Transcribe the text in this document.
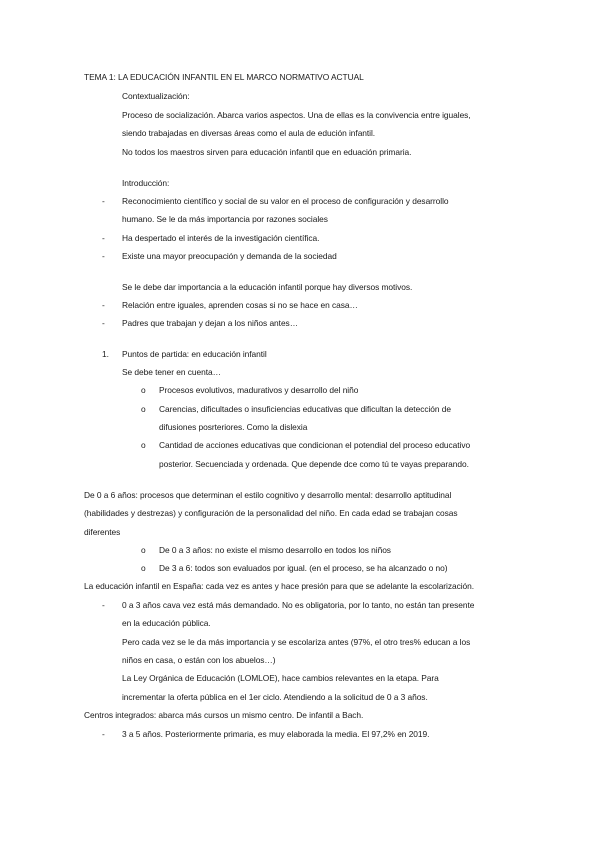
TEMA 1: LA EDUCACIÓN INFANTIL EN EL MARCO NORMATIVO ACTUAL
Contextualización:
Proceso de socialización. Abarca varios aspectos. Una de ellas es la convivencia entre iguales,
siendo trabajadas en diversas áreas como el aula de edución infantil.
No todos los maestros sirven para educación infantil que en eduación primaria.
Introducción:
- Reconocimiento científico y social de su valor en el proceso de configuración y desarrollo
humano. Se le da más importancia por razones sociales
- Ha despertado el interés de la investigación científica.
- Existe una mayor preocupación y demanda de la sociedad
Se le debe dar importancia a la educación infantil porque hay diversos motivos.
- Relación entre iguales, aprenden cosas si no se hace en casa…
- Padres que trabajan y dejan a los niños antes…
1. Puntos de partida: en educación infantil
Se debe tener en cuenta…
o Procesos evolutivos, madurativos y desarrollo del niño
o Carencias, dificultades o insuficiencias educativas que dificultan la detección de
difusiones posrteriores. Como la dislexia
o Cantidad de acciones educativas que condicionan el potendial del proceso educativo
posterior. Secuenciada y ordenada. Que depende dce como tú te vayas preparando.
De 0 a 6 años: procesos que determinan el estilo cognitivo y desarrollo mental: desarrollo aptitudinal
(habilidades y destrezas) y configuración de la personalidad del niño. En cada edad se trabajan cosas
diferentes
o De 0 a 3 años: no existe el mismo desarrollo en todos los niños
o De 3 a 6: todos son evaluados por igual. (en el proceso, se ha alcanzado o no)
La educación infantil en España: cada vez es antes y hace presión para que se adelante la escolarización.
- 0 a 3 años cava vez está más demandado. No es obligatoria, por lo tanto, no están tan presente
en la educación pública.
Pero cada vez se le da más importancia y se escolariza antes (97%, el otro tres% educan a los
niños en casa, o están con los abuelos…)
La Ley Orgánica de Educación (LOMLOE), hace cambios relevantes en la etapa. Para
incrementar la oferta pública en el 1er ciclo. Atendiendo a la solicitud de 0 a 3 años.
Centros integrados: abarca más cursos un mismo centro. De infantil a Bach.
- 3 a 5 años. Posteriormente primaria, es muy elaborada la media. El 97,2% en 2019.
